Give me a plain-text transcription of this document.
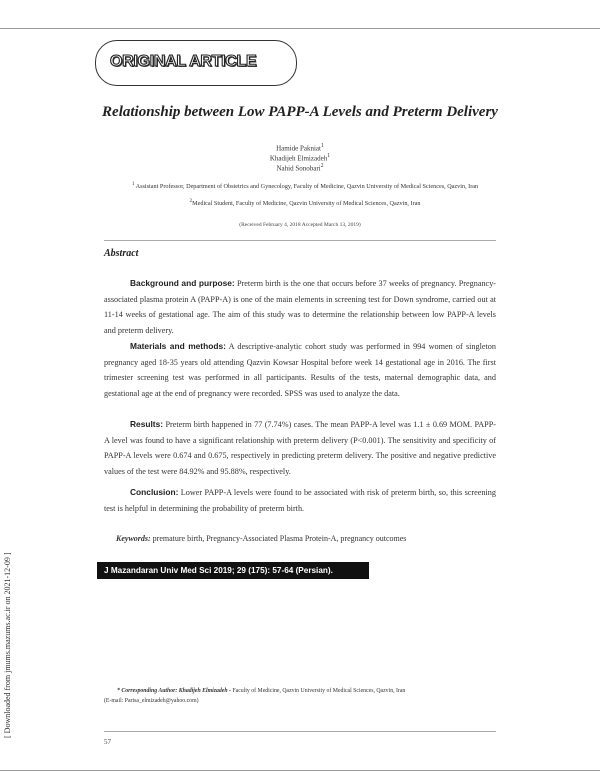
ORIGINAL ARTICLE
Relationship between Low PAPP-A Levels and Preterm Delivery
Hamide Pakniat$^1$
Khadijeh Elmizadeh$^1$
Nahid Sonobari$^2$
$^1$ Assistant Professor, Department of Obstetrics and Gynecology, Faculty of Medicine, Qazvin University of Medical Sciences, Qazvin, Iran
$^2$Medical Student, Faculty of Medicine, Qazvin University of Medical Sciences, Qazvin, Iran
(Received February 4, 2018 Accepted March 13, 2019)
Abstract
Background and purpose: Preterm birth is the one that occurs before 37 weeks of pregnancy. Pregnancy-associated plasma protein A (PAPP-A) is one of the main elements in screening test for Down syndrome, carried out at 11-14 weeks of gestational age. The aim of this study was to determine the relationship between low PAPP-A levels and preterm delivery.
Materials and methods: A descriptive-analytic cohort study was performed in 994 women of singleton pregnancy aged 18-35 years old attending Qazvin Kowsar Hospital before week 14 gestational age in 2016. The first trimester screening test was performed in all participants. Results of the tests, maternal demographic data, and gestational age at the end of pregnancy were recorded. SPSS was used to analyze the data.
Results: Preterm birth happened in 77 (7.74%) cases. The mean PAPP-A level was 1.1 ± 0.69 MOM. PAPP-A level was found to have a significant relationship with preterm delivery (P<0.001). The sensitivity and specificity of PAPP-A levels were 0.674 and 0.675, respectively in predicting preterm delivery. The positive and negative predictive values of the test were 84.92% and 95.88%, respectively.
Conclusion: Lower PAPP-A levels were found to be associated with risk of preterm birth, so, this screening test is helpful in determining the probability of preterm birth.
Keywords: premature birth, Pregnancy-Associated Plasma Protein-A, pregnancy outcomes
J Mazandaran Univ Med Sci 2019; 29 (175): 57-64 (Persian).
* Corresponding Author: Khadijeh Elmizadeh - Faculty of Medicine, Qazvin University of Medical Sciences, Qazvin, Iran
(E-mail: Parisa_elmizadeh@yahoo.com)
57
[ Downloaded from jmums.mazums.ac.ir on 2021-12-09 ]
